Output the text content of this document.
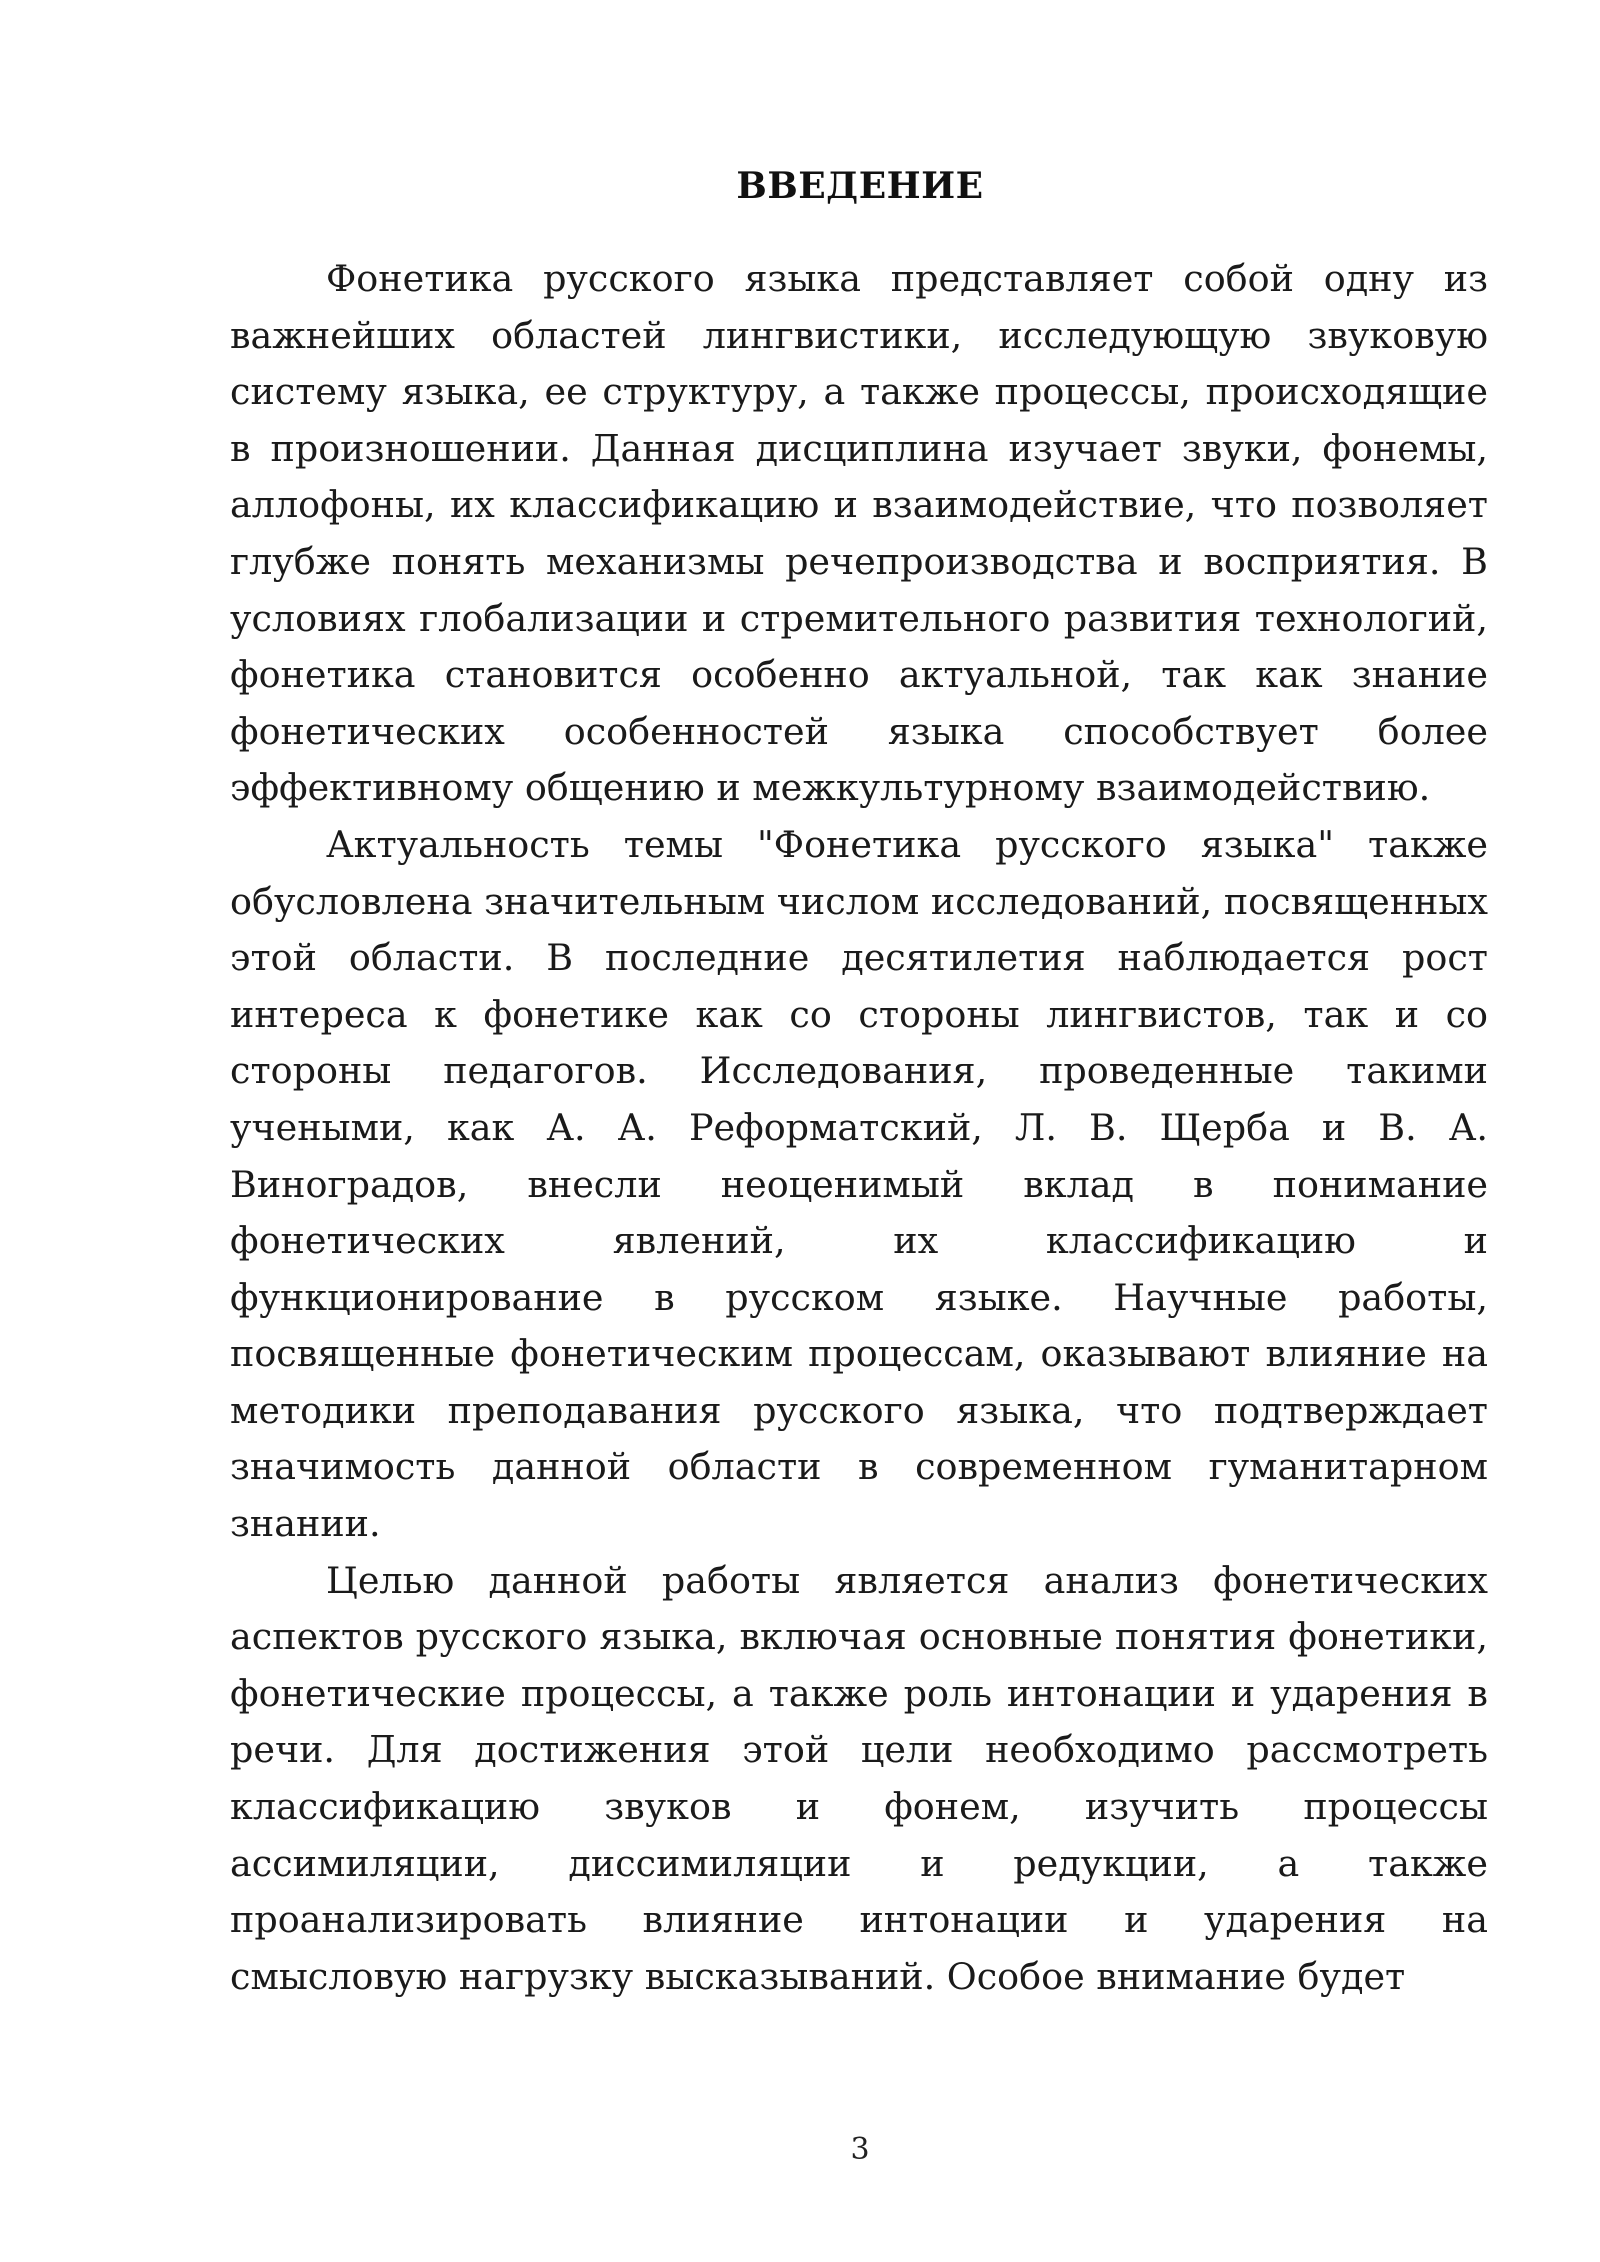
ВВЕДЕНИЕ

Фонетика русского языка представляет собой одну из важнейших областей лингвистики, исследующую звуковую систему языка, ее структуру, а также процессы, происходящие в произношении. Данная дисциплина изучает звуки, фонемы, аллофоны, их классификацию и взаимодействие, что позволяет глубже понять механизмы речепроизводства и восприятия. В условиях глобализации и стремительного развития технологий, фонетика становится особенно актуальной, так как знание фонетических особенностей языка способствует более эффективному общению и межкультурному взаимодействию.

Актуальность темы "Фонетика русского языка" также обусловлена значительным числом исследований, посвященных этой области. В последние десятилетия наблюдается рост интереса к фонетике как со стороны лингвистов, так и со стороны педагогов. Исследования, проведенные такими учеными, как А. А. Реформатский, Л. В. Щерба и В. А. Виноградов, внесли неоценимый вклад в понимание фонетических явлений, их классификацию и функционирование в русском языке. Научные работы, посвященные фонетическим процессам, оказывают влияние на методики преподавания русского языка, что подтверждает значимость данной области в современном гуманитарном знании.

Целью данной работы является анализ фонетических аспектов русского языка, включая основные понятия фонетики, фонетические процессы, а также роль интонации и ударения в речи. Для достижения этой цели необходимо рассмотреть классификацию звуков и фонем, изучить процессы ассимиляции, диссимиляции и редукции, а также проанализировать влияние интонации и ударения на смысловую нагрузку высказываний. Особое внимание будет

3
